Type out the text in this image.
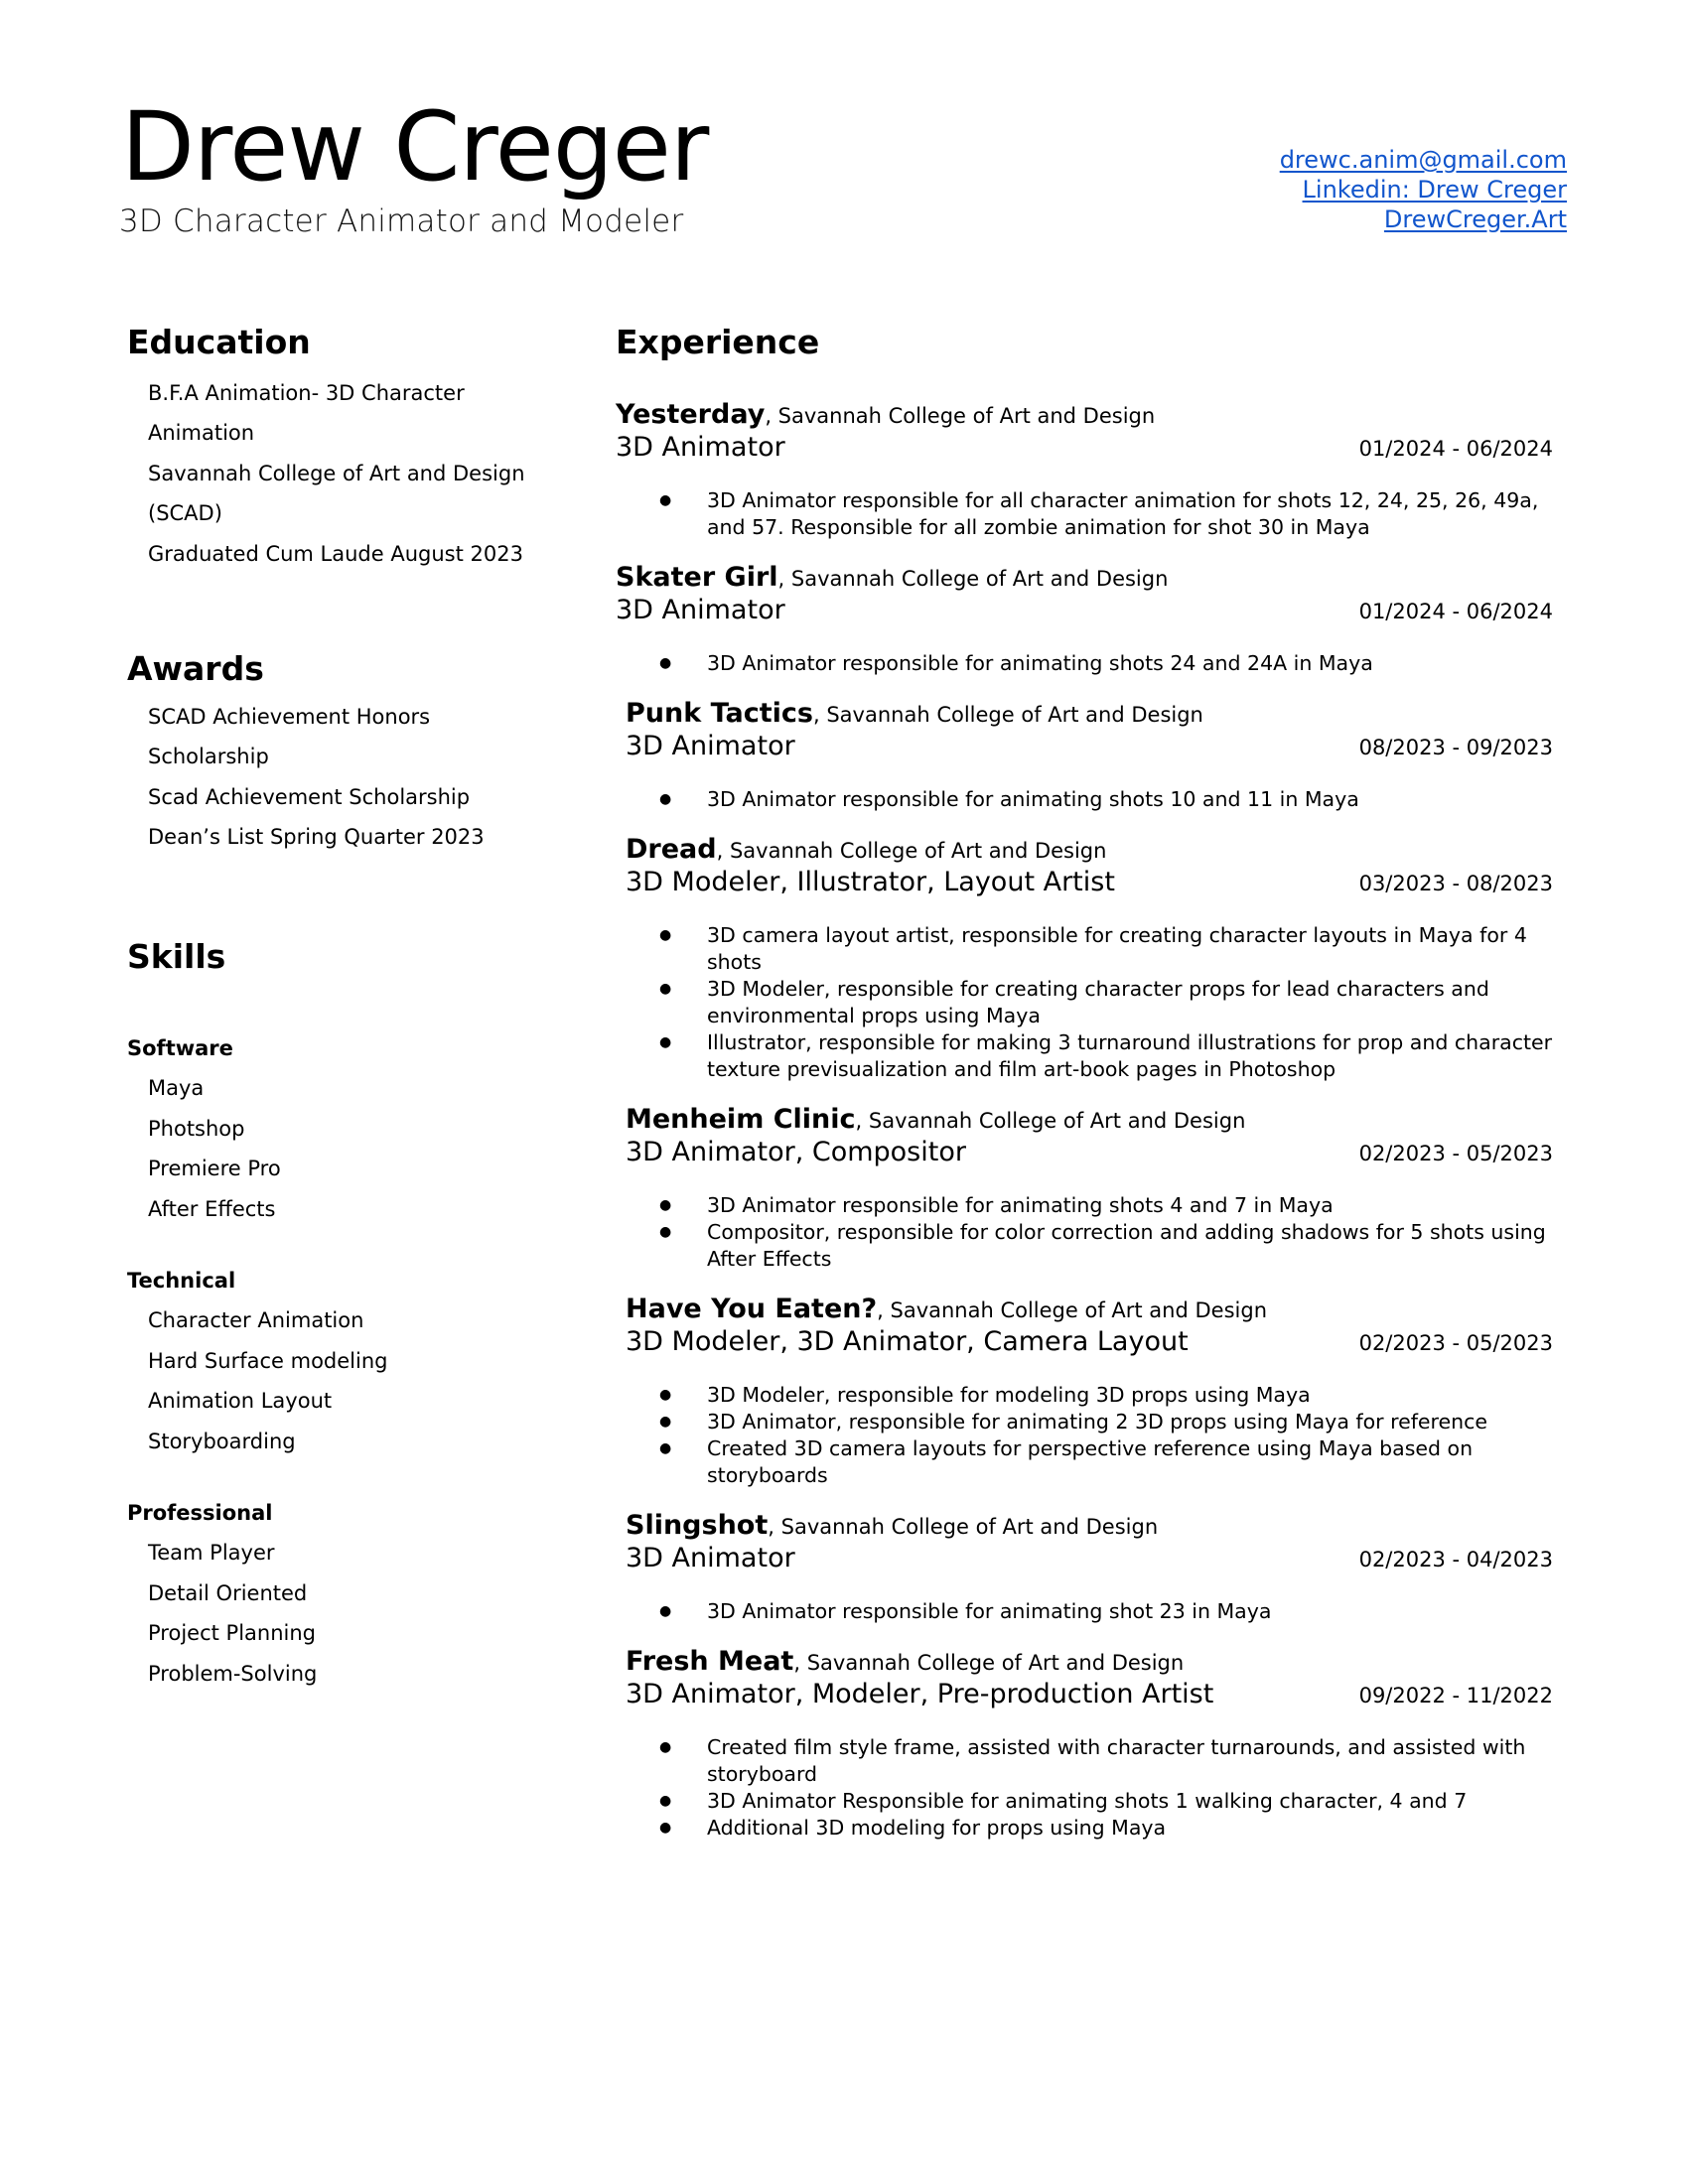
Drew Creger
3D Character Animator and Modeler
drewc.anim@gmail.com
Linkedin: Drew Creger
DrewCreger.Art
Education
B.F.A Animation- 3D Character
Animation
Savannah College of Art and Design
(SCAD)
Graduated Cum Laude August 2023
Awards
SCAD Achievement Honors
Scholarship
Scad Achievement Scholarship
Dean’s List Spring Quarter 2023
Skills
Software
Maya
Photshop
Premiere Pro
After Effects
Technical
Character Animation
Hard Surface modeling
Animation Layout
Storyboarding
Professional
Team Player
Detail Oriented
Project Planning
Problem-Solving
Experience
Yesterday, Savannah College of Art and Design
3D Animator	01/2024 - 06/2024
● 3D Animator responsible for all character animation for shots 12, 24, 25, 26, 49a, and 57. Responsible for all zombie animation for shot 30 in Maya
Skater Girl, Savannah College of Art and Design
3D Animator	01/2024 - 06/2024
● 3D Animator responsible for animating shots 24 and 24A in Maya
Punk Tactics, Savannah College of Art and Design
3D Animator	08/2023 - 09/2023
● 3D Animator responsible for animating shots 10 and 11 in Maya
Dread, Savannah College of Art and Design
3D Modeler, Illustrator, Layout Artist	03/2023 - 08/2023
● 3D camera layout artist, responsible for creating character layouts in Maya for 4 shots
● 3D Modeler, responsible for creating character props for lead characters and environmental props using Maya
● Illustrator, responsible for making 3 turnaround illustrations for prop and character texture previsualization and film art-book pages in Photoshop
Menheim Clinic, Savannah College of Art and Design
3D Animator, Compositor	02/2023 - 05/2023
● 3D Animator responsible for animating shots 4 and 7 in Maya
● Compositor, responsible for color correction and adding shadows for 5 shots using After Effects
Have You Eaten?, Savannah College of Art and Design
3D Modeler, 3D Animator, Camera Layout	02/2023 - 05/2023
● 3D Modeler, responsible for modeling 3D props using Maya
● 3D Animator, responsible for animating 2 3D props using Maya for reference
● Created 3D camera layouts for perspective reference using Maya based on storyboards
Slingshot, Savannah College of Art and Design
3D Animator	02/2023 - 04/2023
● 3D Animator responsible for animating shot 23 in Maya
Fresh Meat, Savannah College of Art and Design
3D Animator, Modeler, Pre-production Artist	09/2022 - 11/2022
● Created film style frame, assisted with character turnarounds, and assisted with storyboard
● 3D Animator Responsible for animating shots 1 walking character, 4 and 7
● Additional 3D modeling for props using Maya
